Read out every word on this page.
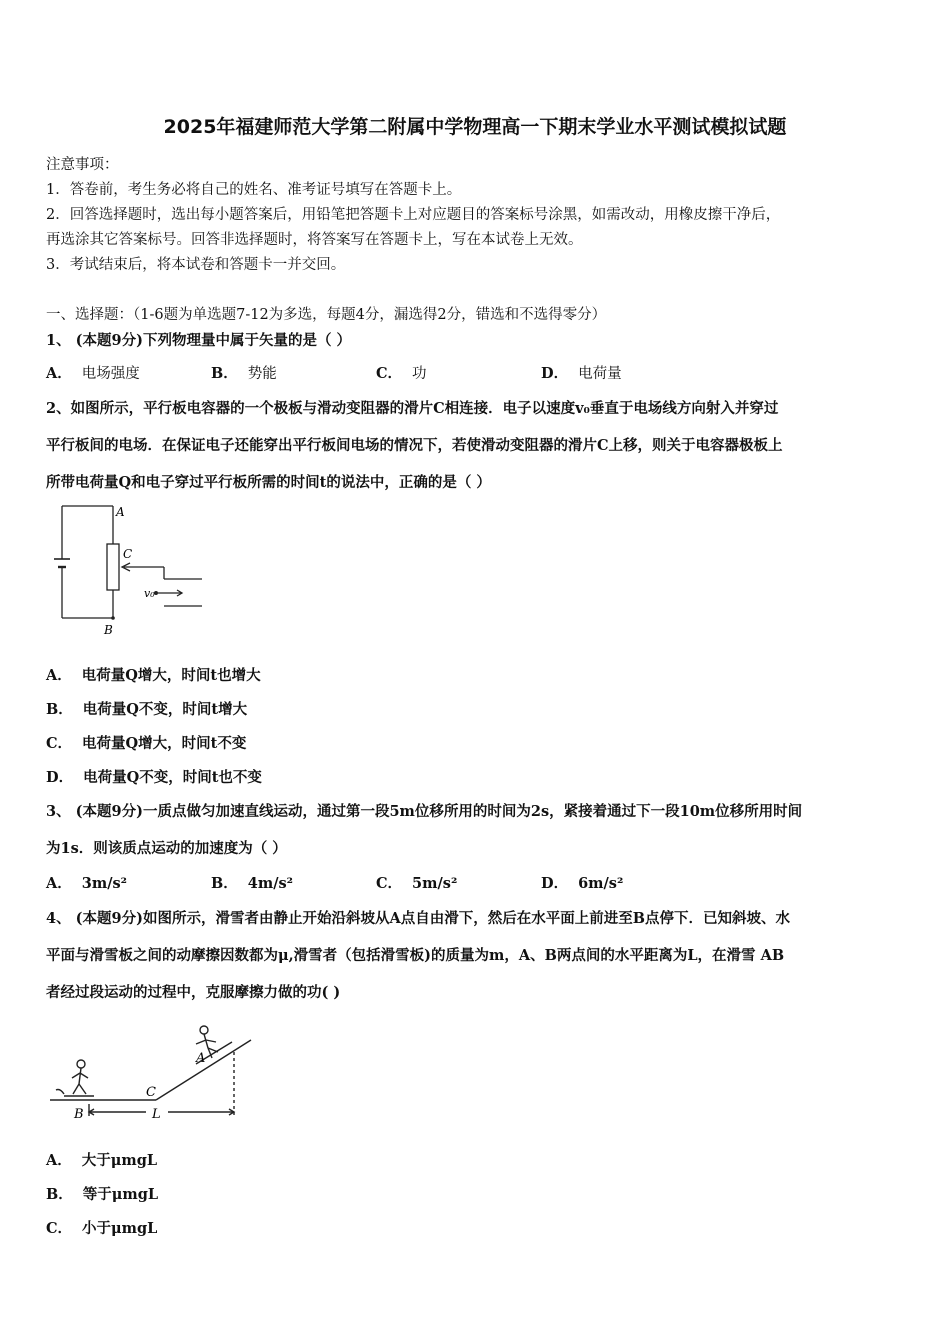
2025年福建师范大学第二附属中学物理高一下期末学业水平测试模拟试题
注意事项：
1．答卷前，考生务必将自己的姓名、准考证号填写在答题卡上。
2．回答选择题时，选出每小题答案后，用铅笔把答题卡上对应题目的答案标号涂黑，如需改动，用橡皮擦干净后，
再选涂其它答案标号。回答非选择题时，将答案写在答题卡上，写在本试卷上无效。
3．考试结束后，将本试卷和答题卡一并交回。
一、选择题：（1-6题为单选题7-12为多选，每题4分，漏选得2分，错选和不选得零分）
1、 (本题9分)下列物理量中属于矢量的是（ ）
A． 电场强度	B． 势能	C． 功	D． 电荷量
2、如图所示，平行板电容器的一个极板与滑动变阻器的滑片C相连接．电子以速度v₀垂直于电场线方向射入并穿过
平行板间的电场．在保证电子还能穿出平行板间电场的情况下，若使滑动变阻器的滑片C上移，则关于电容器极板上
所带电荷量Q和电子穿过平行板所需的时间t的说法中，正确的是（ ）
A
C
v₀
B
A． 电荷量Q增大，时间t也增大
B． 电荷量Q不变，时间t增大
C． 电荷量Q增大，时间t不变
D． 电荷量Q不变，时间t也不变
3、 (本题9分)一质点做匀加速直线运动，通过第一段5m位移所用的时间为2s，紧接着通过下一段10m位移所用时间
为1s．则该质点运动的加速度为（ ）
A． 3m/s²	B． 4m/s²	C． 5m/s²	D． 6m/s²
4、 (本题9分)如图所示，滑雪者由静止开始沿斜坡从A点自由滑下，然后在水平面上前进至B点停下．已知斜坡、水
平面与滑雪板之间的动摩擦因数都为μ,滑雪者（包括滑雪板)的质量为m，A、B两点间的水平距离为L，在滑雪 AB
者经过段运动的过程中，克服摩擦力做的功( )
A
C
B	L
A． 大于μmgL
B． 等于μmgL
C． 小于μmgL
